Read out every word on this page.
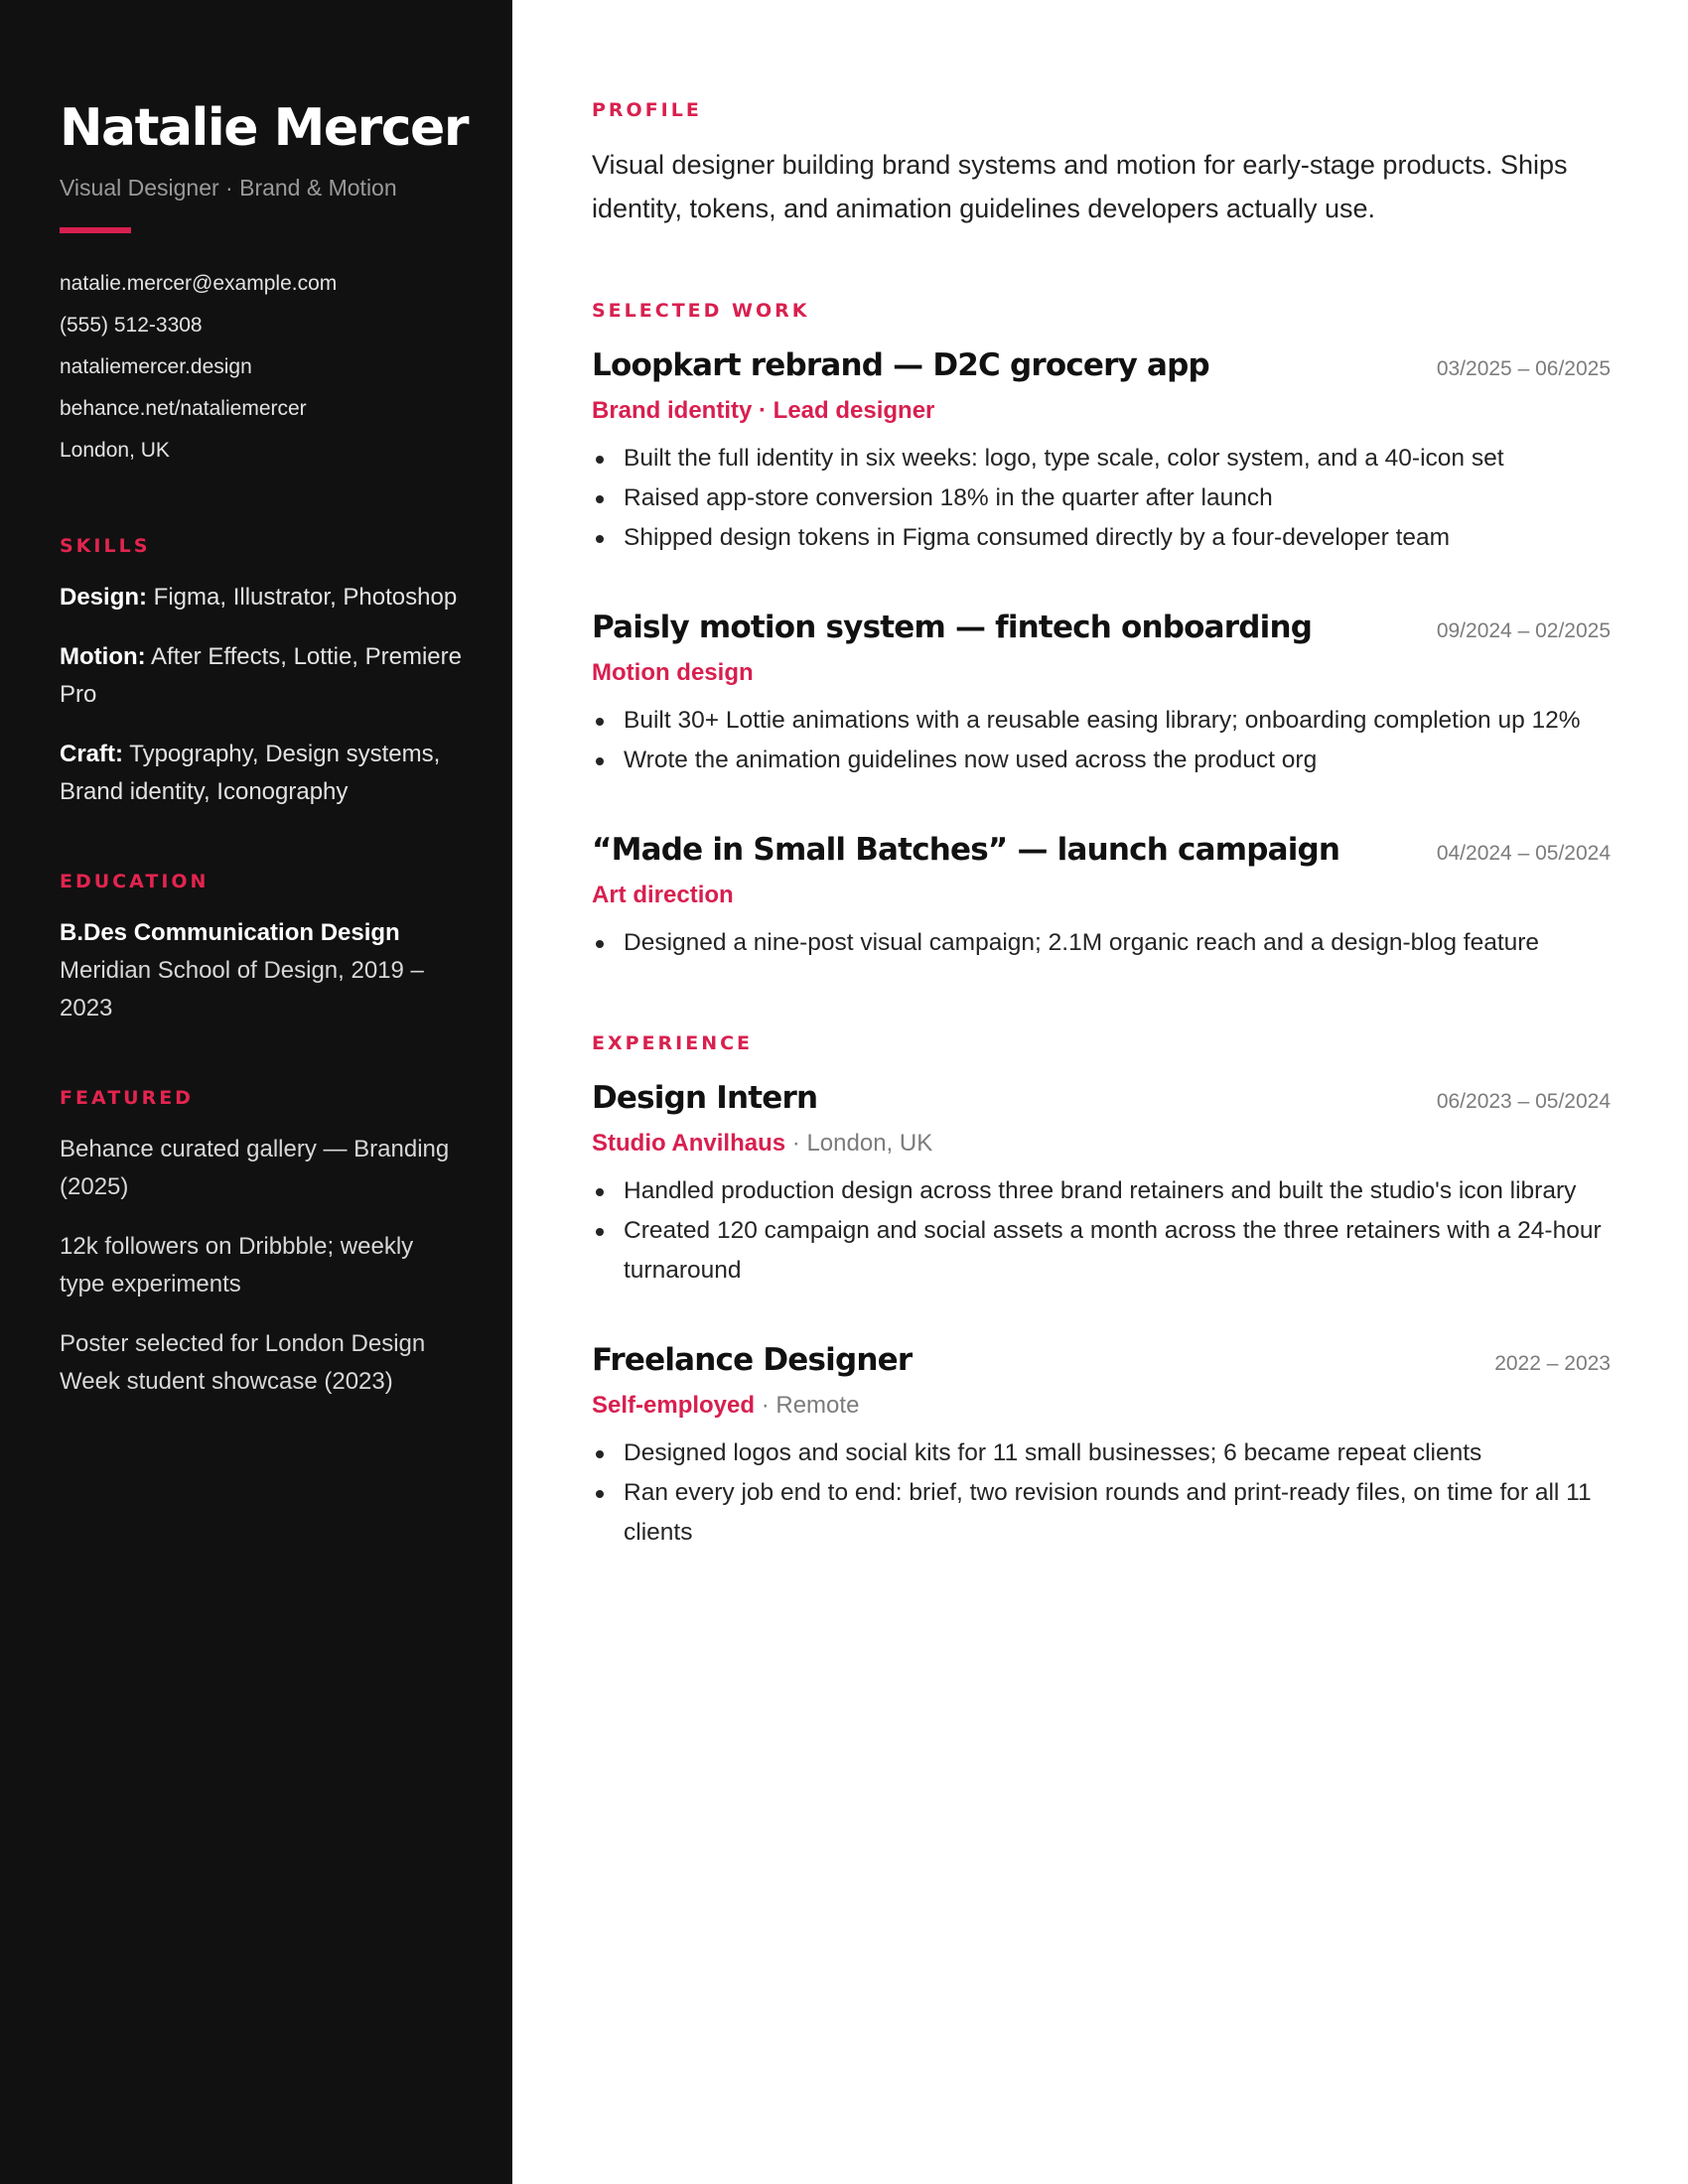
Natalie Mercer
Visual Designer · Brand & Motion
natalie.mercer@example.com
(555) 512-3308
nataliemercer.design
behance.net/nataliemercer
London, UK
SKILLS

Design: Figma, Illustrator, Photoshop

Motion: After Effects, Lottie, Premiere Pro

Craft: Typography, Design systems, Brand identity, Iconography

EDUCATION
B.Des Communication Design
Meridian School of Design, 2019 – 2023
FEATURED

Behance curated gallery — Branding (2025)

12k followers on Dribbble; weekly type experiments

Poster selected for London Design Week student showcase (2023)

PROFILE

Visual designer building brand systems and motion for early-stage products. Ships identity, tokens, and animation guidelines developers actually use.

SELECTED WORK
Loopkart rebrand — D2C grocery app	03/2025 – 06/2025
Brand identity · Lead designer
Built the full identity in six weeks: logo, type scale, color system, and a 40-icon set
Raised app-store conversion 18% in the quarter after launch
Shipped design tokens in Figma consumed directly by a four-developer team
Paisly motion system — fintech onboarding	09/2024 – 02/2025
Motion design
Built 30+ Lottie animations with a reusable easing library; onboarding completion up 12%
Wrote the animation guidelines now used across the product org
“Made in Small Batches” — launch campaign	04/2024 – 05/2024
Art direction
Designed a nine-post visual campaign; 2.1M organic reach and a design-blog feature
EXPERIENCE
Design Intern	06/2023 – 05/2024
Studio Anvilhaus · London, UK
Handled production design across three brand retainers and built the studio's icon library
Created 120 campaign and social assets a month across the three retainers with a 24-hour turnaround
Freelance Designer	2022 – 2023
Self-employed · Remote
Designed logos and social kits for 11 small businesses; 6 became repeat clients
Ran every job end to end: brief, two revision rounds and print-ready files, on time for all 11 clients
